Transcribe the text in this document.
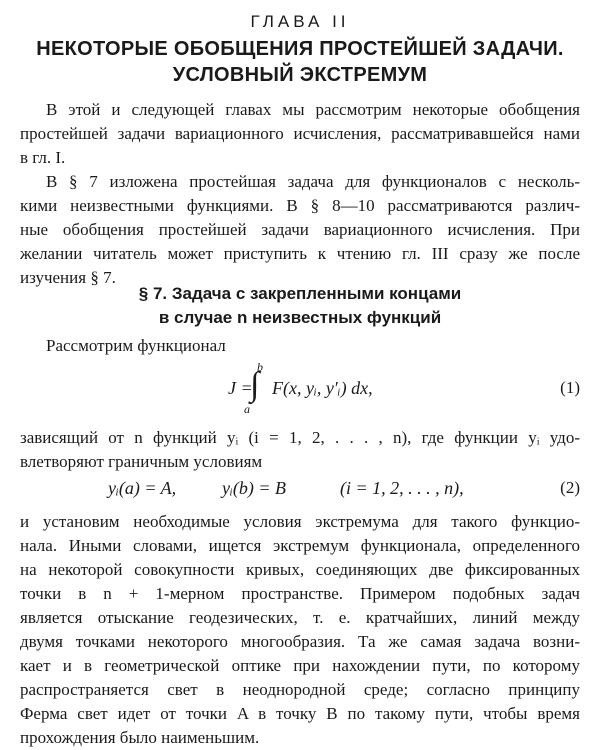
ГЛАВА II
НЕКОТОРЫЕ ОБОБЩЕНИЯ ПРОСТЕЙШЕЙ ЗАДАЧИ.
УСЛОВНЫЙ ЭКСТРЕМУМ
В этой и следующей главах мы рассмотрим некоторые обобщения
простейшей задачи вариационного исчисления, рассматривавшейся нами
в гл. I.
В § 7 изложена простейшая задача для функционалов с несколь-
кими неизвестными функциями. В § 8—10 рассматриваются различ-
ные обобщения простейшей задачи вариационного исчисления. При
желании читатель может приступить к чтению гл. III сразу же после
изучения § 7.
§ 7. Задача с закрепленными концами
в случае n неизвестных функций
Рассмотрим функционал
J =
b
∫
a
F(x, yᵢ, y′ᵢ) dx,	(1)
зависящий от n функций yᵢ (i = 1, 2, . . . , n), где функции yᵢ удо-
влетворяют граничным условиям
yᵢ(a) = A,	yᵢ(b) = B	(i = 1, 2, . . . , n),	(2)
и установим необходимые условия экстремума для такого функцио-
нала. Иными словами, ищется экстремум функционала, определенного
на некоторой совокупности кривых, соединяющих две фиксированных
точки в n + 1-мерном пространстве. Примером подобных задач
является отыскание геодезических, т. е. кратчайших, линий между
двумя точками некоторого многообразия. Та же самая задача возни-
кает и в геометрической оптике при нахождении пути, по которому
распространяется свет в неоднородной среде; согласно принципу
Ферма свет идет от точки A в точку B по такому пути, чтобы время
прохождения было наименьшим.
